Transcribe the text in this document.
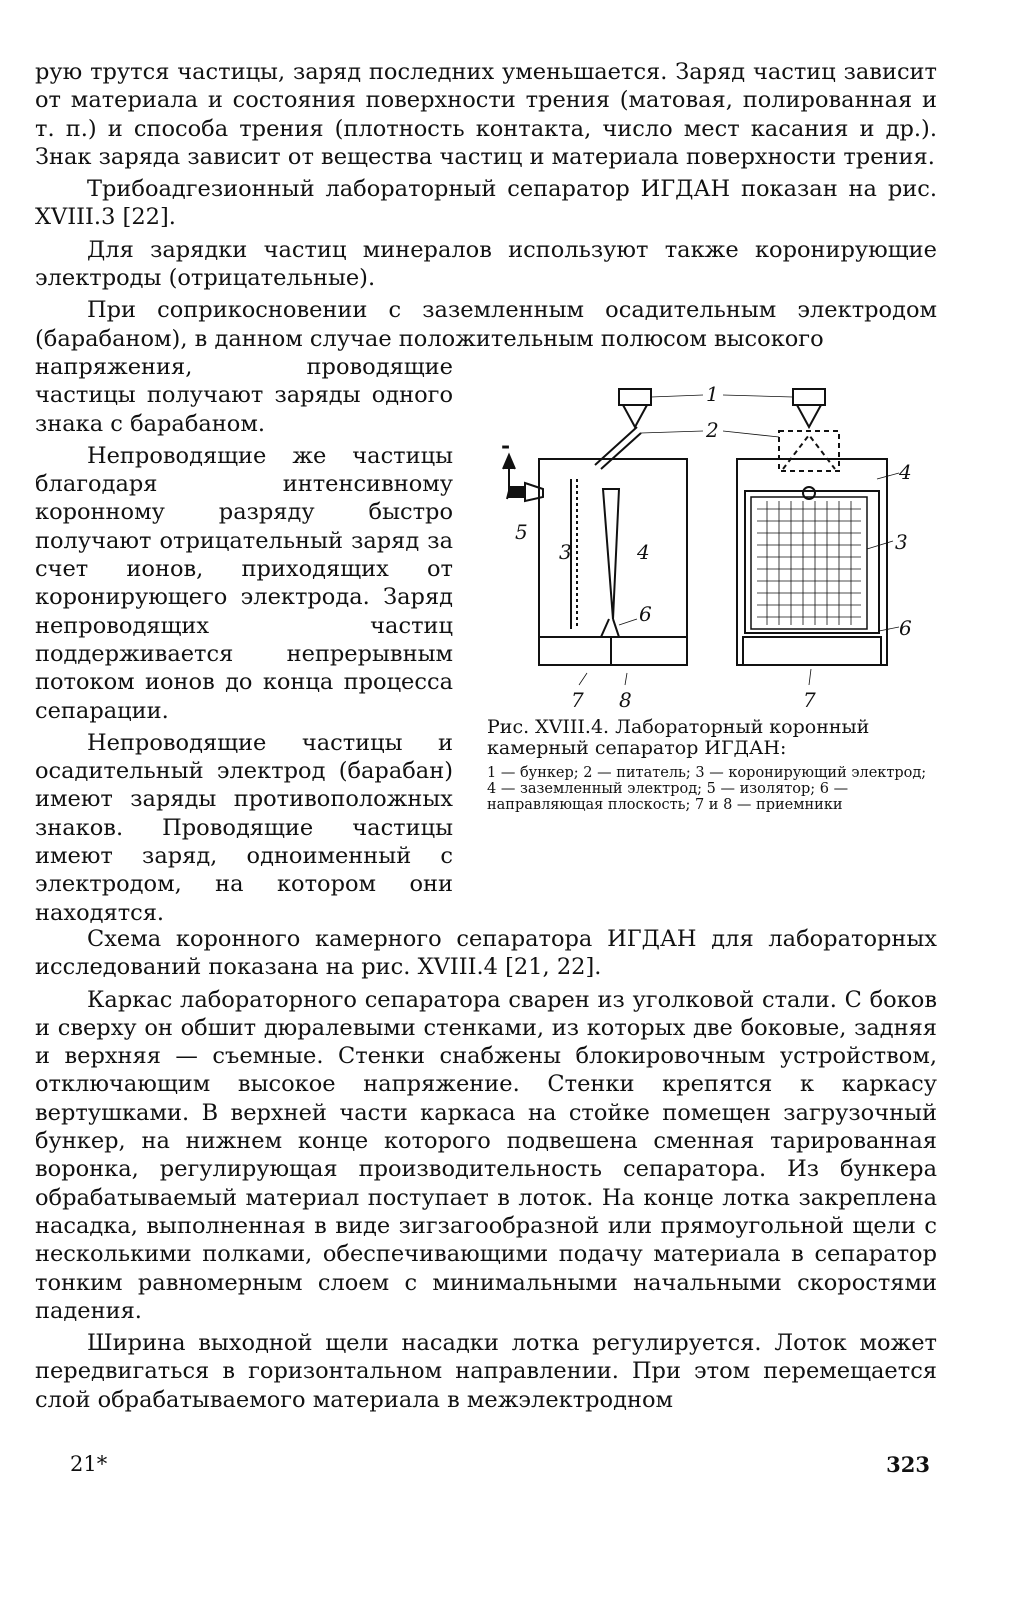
рую трутся частицы, заряд последних уменьшается. Заряд частиц зависит от материала и состояния поверхности трения (матовая, полированная и т. п.) и способа трения (плотность контакта, число мест касания и др.). Знак заряда зависит от вещества частиц и материала поверхности трения.

Трибоадгезионный лабораторный сепаратор ИГДАН показан на рис. XVIII.3 [22].

Для зарядки частиц минералов используют также коронирующие электроды (отрицательные).

При соприкосновении с заземленным осадительным электродом (барабаном), в данном случае положительным полюсом высокого

напряжения, проводящие частицы получают заряды одного знака с барабаном.

Непроводящие же частицы благодаря интенсивному коронному разряду быстро получают отрицательный заряд за счет ионов, приходящих от коронирующего электрода. Заряд непроводящих частиц поддерживается непрерывным потоком ионов до конца процесса сепарации.

Непроводящие частицы и осадительный электрод (барабан) имеют заряды противоположных знаков. Проводящие частицы имеют заряд, одноименный с электродом, на котором они находятся.

1
2
3	4
5
6
7 8
4
3
6
7
-

Рис. XVIII.4. Лабораторный коронный камерный сепаратор ИГДАН:

1 — бункер; 2 — питатель; 3 — коронирующий электрод; 4 — заземленный электрод; 5 — изолятор; 6 — направляющая плоскость; 7 и 8 — приемники

Схема коронного камерного сепаратора ИГДАН для лабораторных исследований показана на рис. XVIII.4 [21, 22].

Каркас лабораторного сепаратора сварен из уголковой стали. С боков и сверху он обшит дюралевыми стенками, из которых две боковые, задняя и верхняя — съемные. Стенки снабжены блокировочным устройством, отключающим высокое напряжение. Стенки крепятся к каркасу вертушками. В верхней части каркаса на стойке помещен загрузочный бункер, на нижнем конце которого подвешена сменная тарированная воронка, регулирующая производительность сепаратора. Из бункера обрабатываемый материал поступает в лоток. На конце лотка закреплена насадка, выполненная в виде зигзагообразной или прямоугольной щели с несколькими полками, обеспечивающими подачу материала в сепаратор тонким равномерным слоем с минимальными начальными скоростями падения.

Ширина выходной щели насадки лотка регулируется. Лоток может передвигаться в горизонтальном направлении. При этом перемещается слой обрабатываемого материала в межэлектродном

21*	323
